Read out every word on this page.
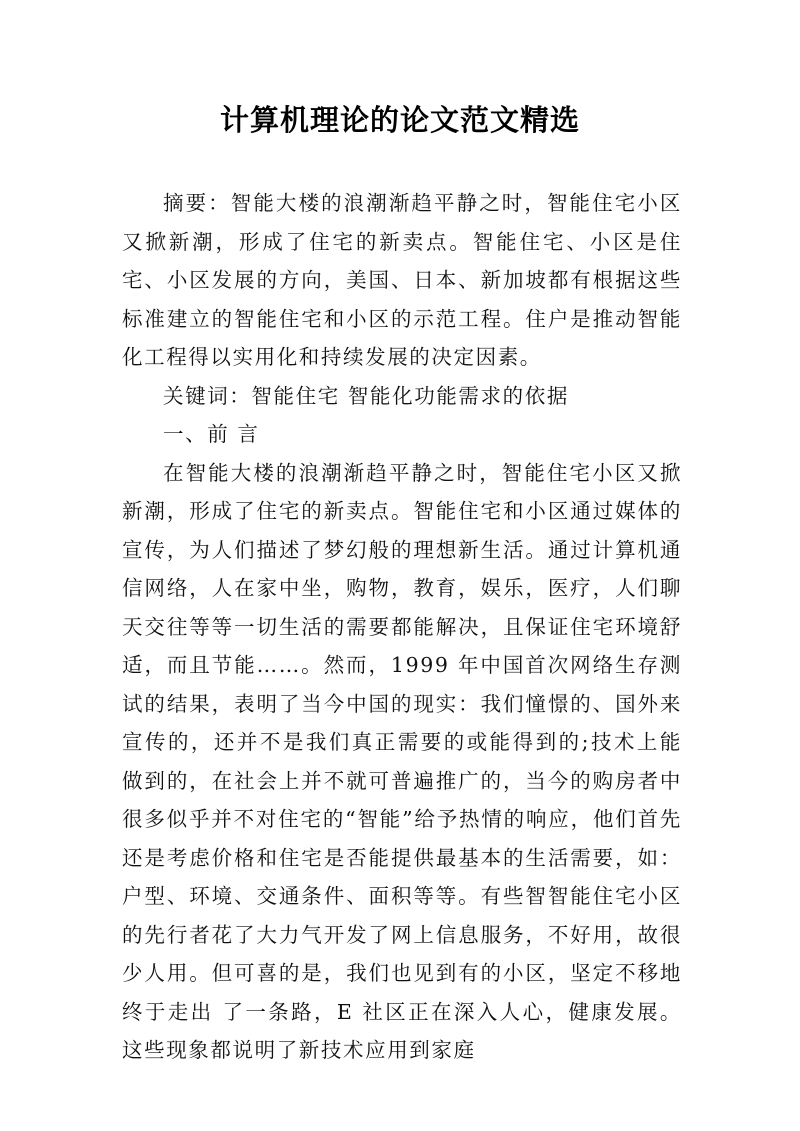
计算机理论的论文范文精选

摘要：智能大楼的浪潮渐趋平静之时，智能住宅小区又掀新潮，形成了住宅的新卖点。智能住宅、小区是住宅、小区发展的方向，美国、日本、新加坡都有根据这些标准建立的智能住宅和小区的示范工程。住户是推动智能化工程得以实用化和持续发展的决定因素。

关键词：智能住宅 智能化功能需求的依据

一、前 言

在智能大楼的浪潮渐趋平静之时，智能住宅小区又掀新潮，形成了住宅的新卖点。智能住宅和小区通过媒体的宣传，为人们描述了梦幻般的理想新生活。通过计算机通信网络，人在家中坐，购物，教育，娱乐，医疗，人们聊天交往等等一切生活的需要都能解决，且保证住宅环境舒适，而且节能……。然而，1999 年中国首次网络生存测试的结果，表明了当今中国的现实：我们憧憬的、国外来宣传的，还并不是我们真正需要的或能得到的;技术上能做到的，在社会上并不就可普遍推广的，当今的购房者中很多似乎并不对住宅的“智能”给予热情的响应，他们首先还是考虑价格和住宅是否能提供最基本的生活需要，如：户型、环境、交通条件、面积等等。有些智智能住宅小区的先行者花了大力气开发了网上信息服务，不好用，故很少人用。但可喜的是，我们也见到有的小区，坚定不移地终于走出 了一条路，E 社区正在深入人心，健康发展。这些现象都说明了新技术应用到家庭
